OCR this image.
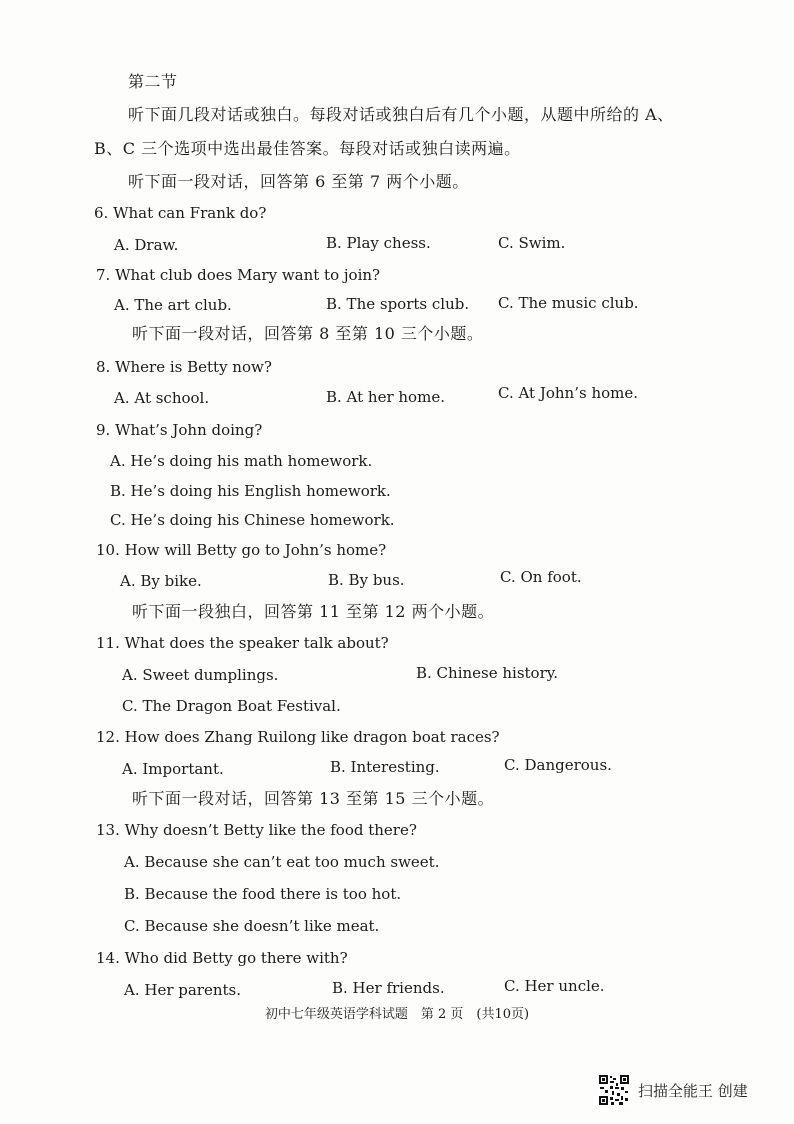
第二节
听下面几段对话或独白。每段对话或独白后有几个小题，从题中所给的 A、
B、C 三个选项中选出最佳答案。每段对话或独白读两遍。
听下面一段对话，回答第 6 至第 7 两个小题。
6. What can Frank do?
A. Draw.	B. Play chess.	C. Swim.
7. What club does Mary want to join?
A. The art club.	B. The sports club. C. The music club.
听下面一段对话，回答第 8 至第 10 三个小题。
8. Where is Betty now?
A. At school.	B. At her home.	C. At John’s home.
9. What’s John doing?
A. He’s doing his math homework.
B. He’s doing his English homework.
C. He’s doing his Chinese homework.
10. How will Betty go to John’s home?
A. By bike.	B. By bus.	C. On foot.
听下面一段独白，回答第 11 至第 12 两个小题。
11. What does the speaker talk about?
A. Sweet dumplings.	B. Chinese history.
C. The Dragon Boat Festival.
12. How does Zhang Ruilong like dragon boat races?
A. Important.	B. Interesting.	C. Dangerous.
听下面一段对话，回答第 13 至第 15 三个小题。
13. Why doesn’t Betty like the food there?
A. Because she can’t eat too much sweet.
B. Because the food there is too hot.
C. Because she doesn’t like meat.
14. Who did Betty go there with?
A. Her parents.	B. Her friends.	C. Her uncle.
初中七年级英语学科试题　第 2 页　(共10页)
扫描全能王 创建
